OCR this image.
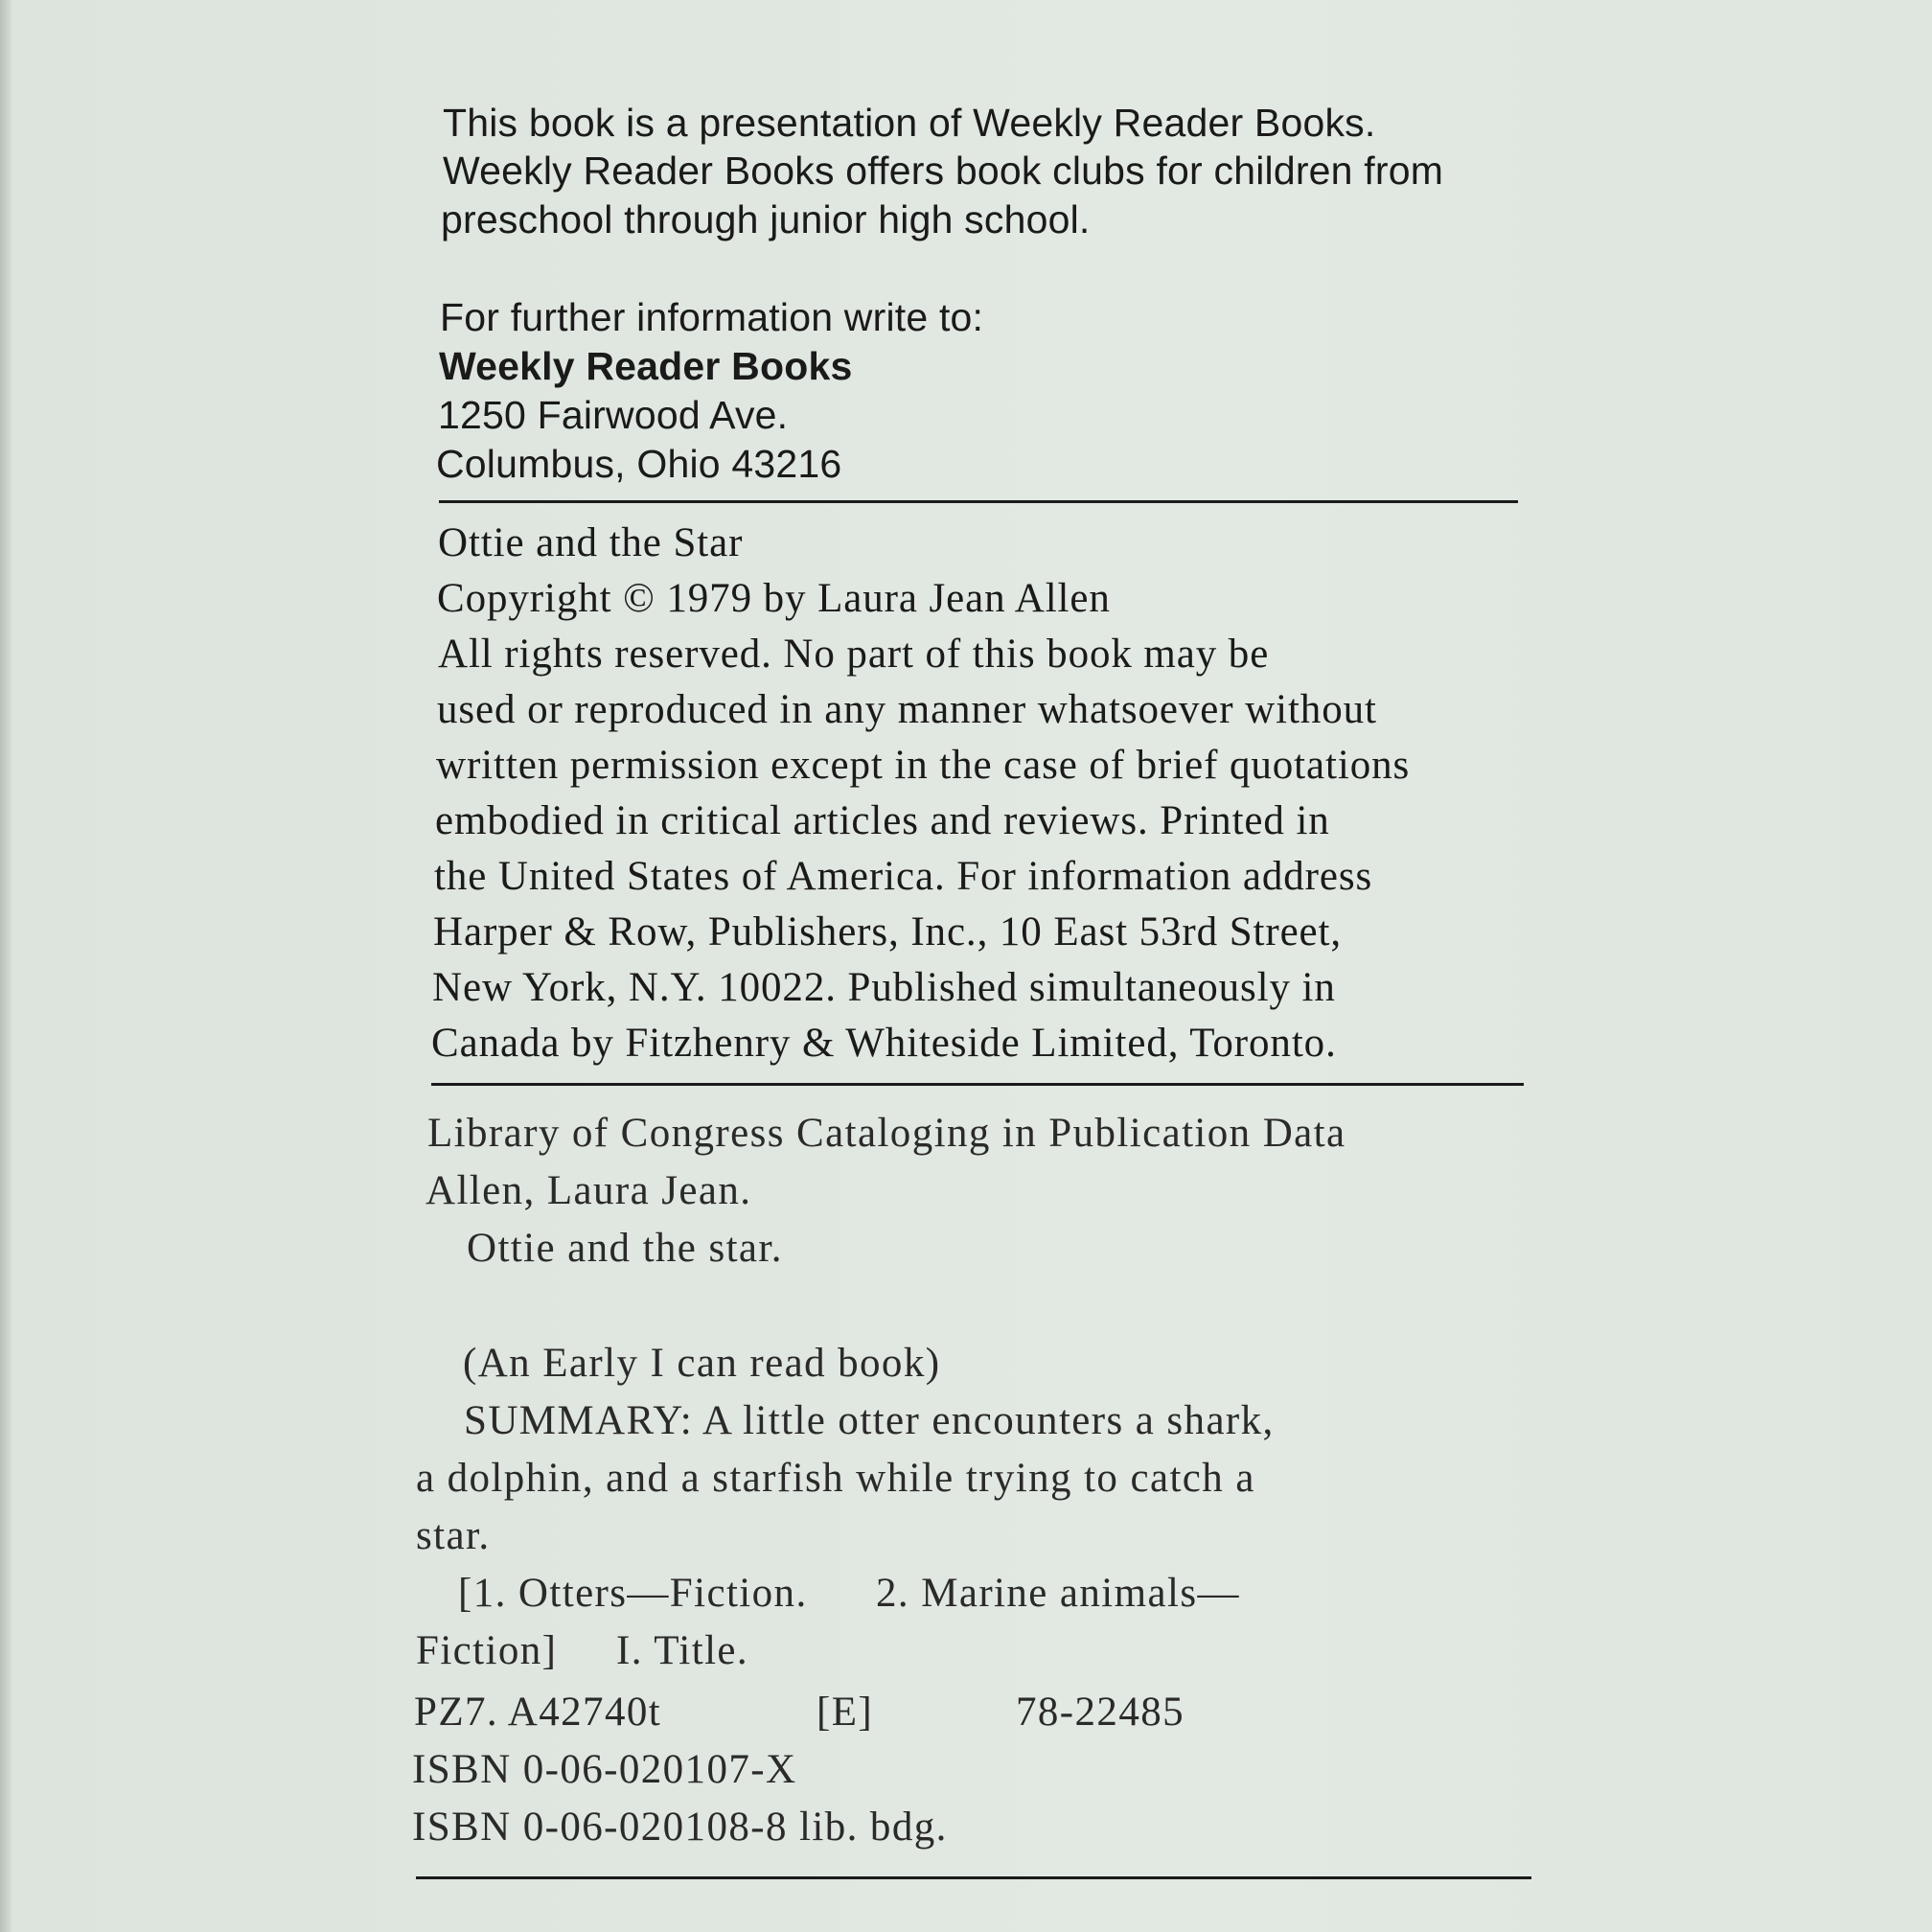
This book is a presentation of Weekly Reader Books.
Weekly Reader Books offers book clubs for children from
preschool through junior high school.
For further information write to:
Weekly Reader Books
1250 Fairwood Ave.
Columbus, Ohio 43216
Ottie and the Star
Copyright © 1979 by Laura Jean Allen
All rights reserved. No part of this book may be
used or reproduced in any manner whatsoever without
written permission except in the case of brief quotations
embodied in critical articles and reviews. Printed in
the United States of America. For information address
Harper & Row, Publishers, Inc., 10 East 53rd Street,
New York, N.Y. 10022. Published simultaneously in
Canada by Fitzhenry & Whiteside Limited, Toronto.
Library of Congress Cataloging in Publication Data
Allen, Laura Jean.
Ottie and the star.
(An Early I can read book)
SUMMARY: A little otter encounters a shark,
a dolphin, and a starfish while trying to catch a
star.
[1. Otters—Fiction. 2. Marine animals—
Fiction] I. Title.
PZ7. A42740t	[E]	78-22485
ISBN 0-06-020107-X
ISBN 0-06-020108-8 lib. bdg.
